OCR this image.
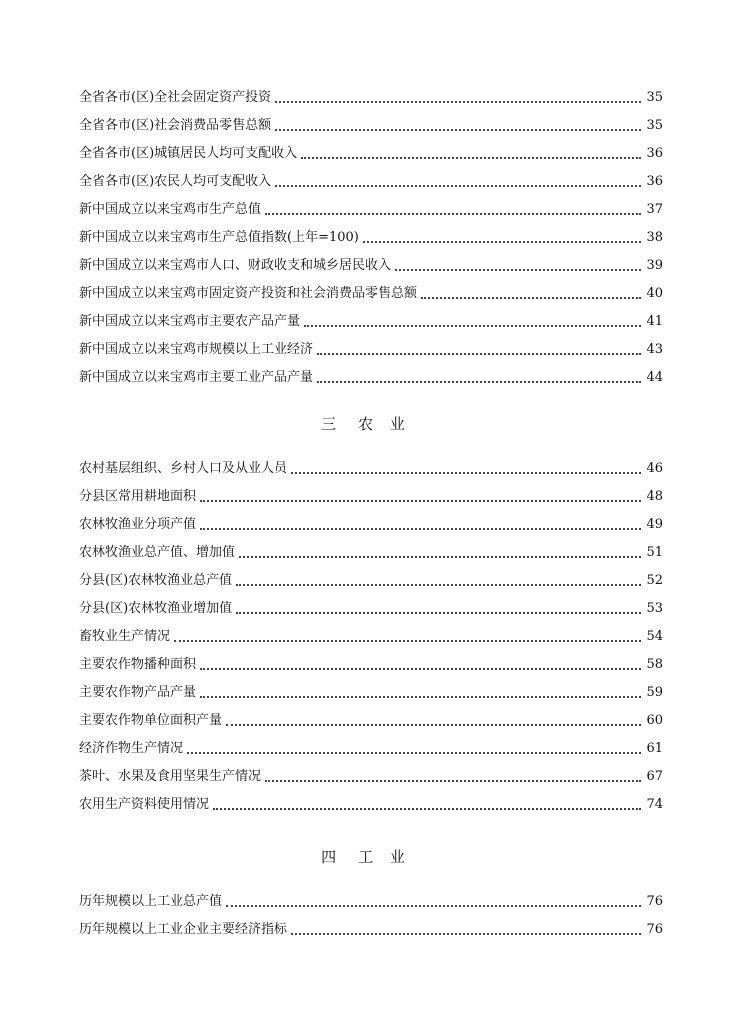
全省各市(区)全社会固定资产投资	35
全省各市(区)社会消费品零售总额	35
全省各市(区)城镇居民人均可支配收入	36
全省各市(区)农民人均可支配收入	36
新中国成立以来宝鸡市生产总值	37
新中国成立以来宝鸡市生产总值指数(上年=100)	38
新中国成立以来宝鸡市人口、财政收支和城乡居民收入	39
新中国成立以来宝鸡市固定资产投资和社会消费品零售总额	40
新中国成立以来宝鸡市主要农产品产量	41
新中国成立以来宝鸡市规模以上工业经济	43
新中国成立以来宝鸡市主要工业产品产量	44
三 农 业
农村基层组织、乡村人口及从业人员	46
分县区常用耕地面积	48
农林牧渔业分项产值	49
农林牧渔业总产值、增加值	51
分县(区)农林牧渔业总产值	52
分县(区)农林牧渔业增加值	53
畜牧业生产情况	54
主要农作物播种面积	58
主要农作物产品产量	59
主要农作物单位面积产量	60
经济作物生产情况	61
茶叶、水果及食用坚果生产情况	67
农用生产资料使用情况	74
四 工 业
历年规模以上工业总产值	76
历年规模以上工业企业主要经济指标	76
